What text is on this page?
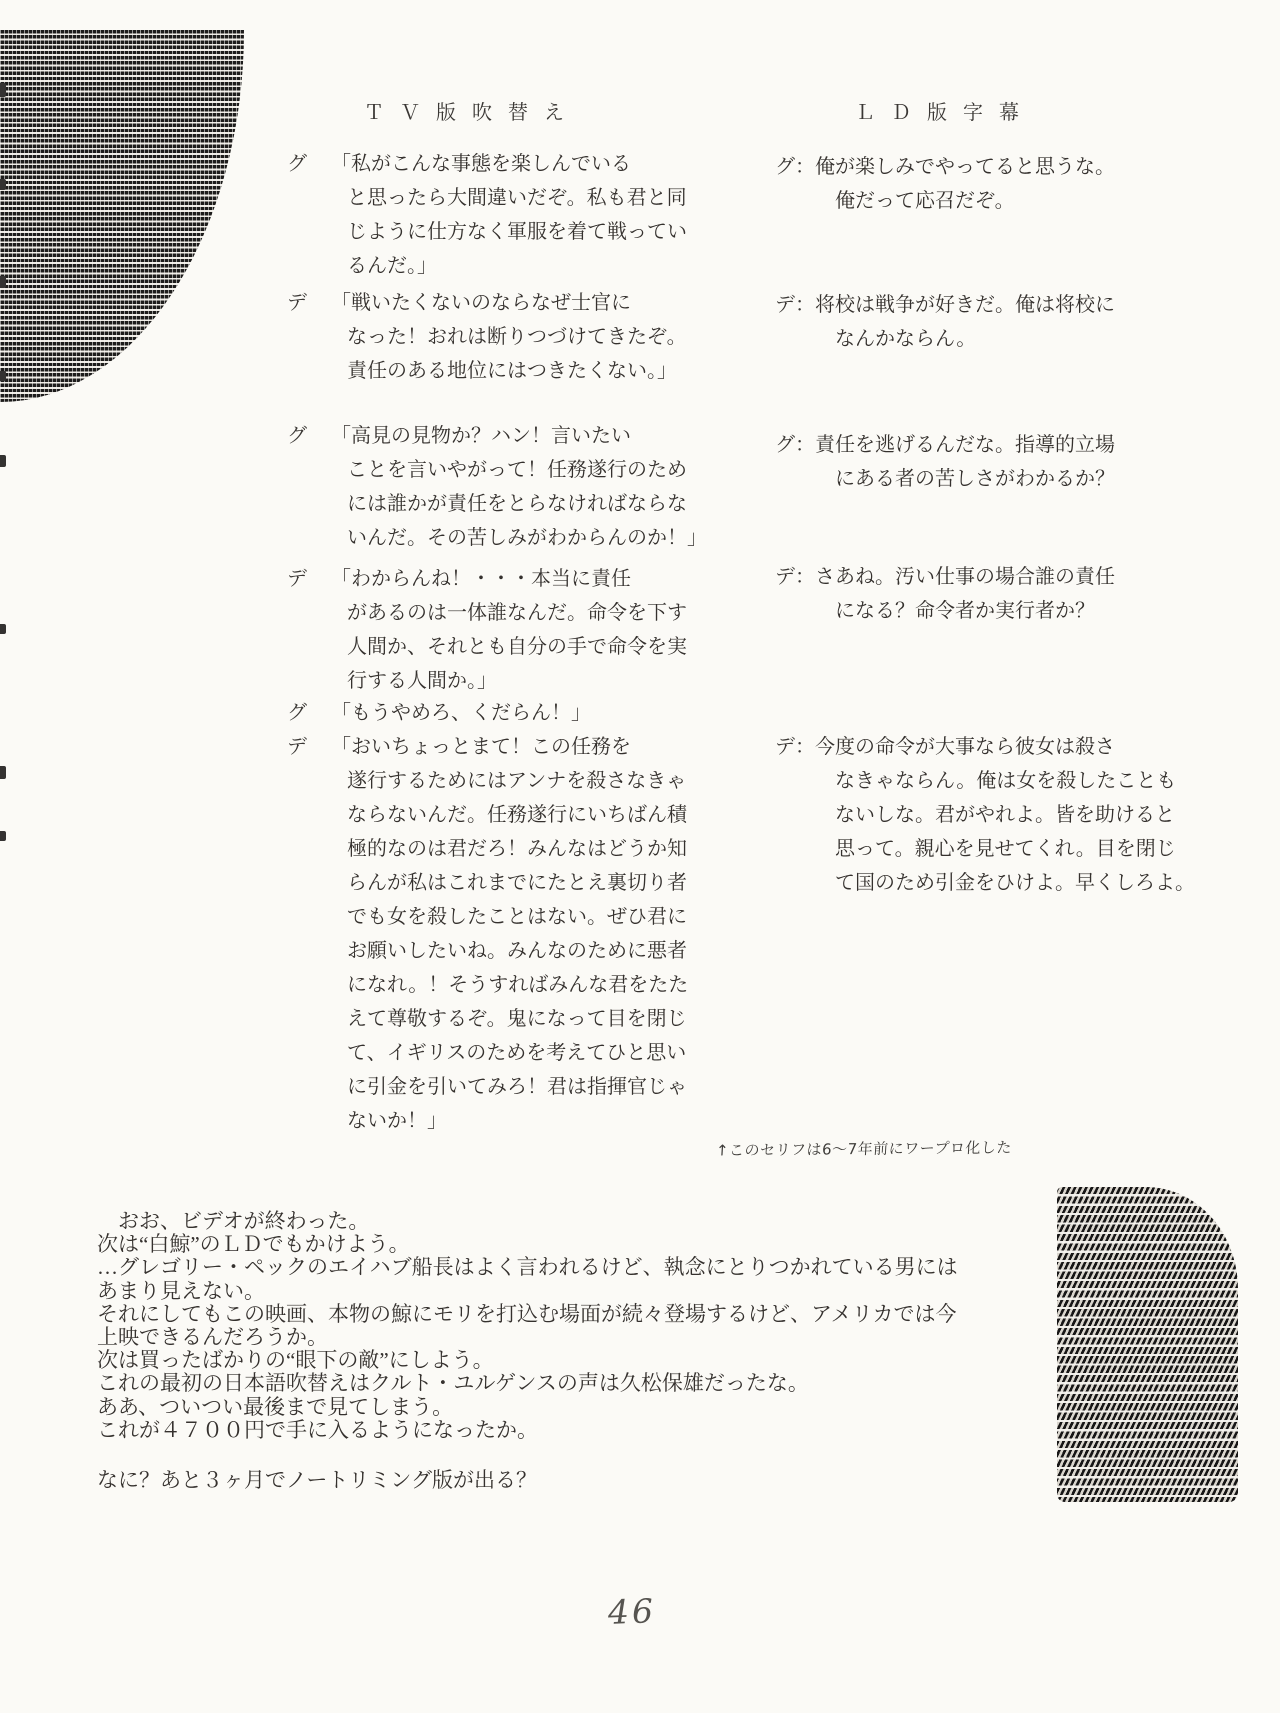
ＴＶ版吹替え	ＬＤ版字幕
グ 「私がこんな事態を楽しんでいる
と思ったら大間違いだぞ。私も君と同
じように仕方なく軍服を着て戦ってい
るんだ。」
デ 「戦いたくないのならなぜ士官に
なった！おれは断りつづけてきたぞ。
責任のある地位にはつきたくない。」
グ 「高見の見物か？ハン！言いたい
ことを言いやがって！任務遂行のため
には誰かが責任をとらなければならな
いんだ。その苦しみがわからんのか！」
デ 「わからんね！・・・本当に責任
があるのは一体誰なんだ。命令を下す
人間か、それとも自分の手で命令を実
行する人間か。」
グ 「もうやめろ、くだらん！」
デ 「おいちょっとまて！この任務を
遂行するためにはアンナを殺さなきゃ
ならないんだ。任務遂行にいちばん積
極的なのは君だろ！みんなはどうか知
らんが私はこれまでにたとえ裏切り者
でも女を殺したことはない。ぜひ君に
お願いしたいね。みんなのために悪者
になれ。！そうすればみんな君をたた
えて尊敬するぞ。鬼になって目を閉じ
て、イギリスのためを考えてひと思い
に引金を引いてみろ！君は指揮官じゃ
ないか！」
グ： 俺が楽しみでやってると思うな。
俺だって応召だぞ。
デ： 将校は戦争が好きだ。俺は将校に
なんかならん。
グ： 責任を逃げるんだな。指導的立場
にある者の苦しさがわかるか？
デ： さあね。汚い仕事の場合誰の責任
になる？命令者か実行者か？
デ： 今度の命令が大事なら彼女は殺さ
なきゃならん。俺は女を殺したことも
ないしな。君がやれよ。皆を助けると
思って。親心を見せてくれ。目を閉じ
て国のため引金をひけよ。早くしろよ。
↑このセリフは6～7年前にワープロ化した
　おお、ビデオが終わった。
次は“白鯨”のＬＤでもかけよう。
…グレゴリー・ペックのエイハブ船長はよく言われるけど、執念にとりつかれている男には
あまり見えない。
それにしてもこの映画、本物の鯨にモリを打込む場面が続々登場するけど、アメリカでは今
上映できるんだろうか。
次は買ったばかりの“眼下の敵”にしよう。
これの最初の日本語吹替えはクルト・ユルゲンスの声は久松保雄だったな。
ああ、ついつい最後まで見てしまう。
これが４７００円で手に入るようになったか。
なに？あと３ヶ月でノートリミング版が出る？
46
